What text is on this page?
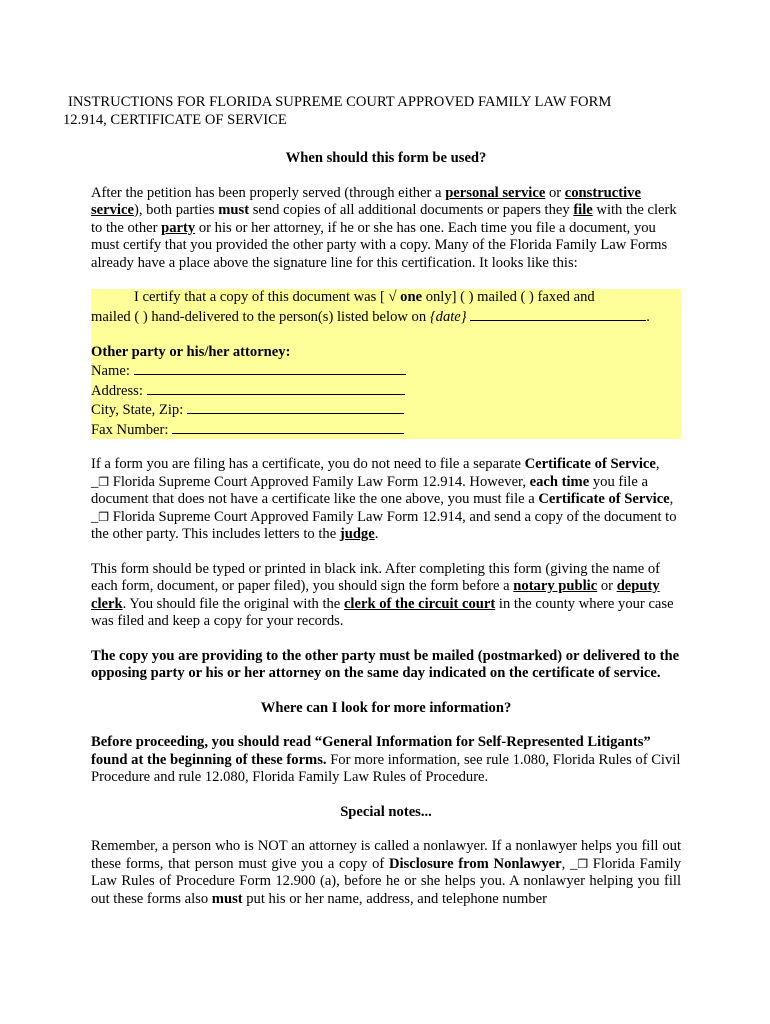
INSTRUCTIONS FOR FLORIDA SUPREME COURT APPROVED FAMILY LAW FORM
12.914, CERTIFICATE OF SERVICE
When should this form be used?

After the petition has been properly served (through either a personal service or constructive service), both parties must send copies of all additional documents or papers they file with the clerk to the other party or his or her attorney, if he or she has one. Each time you file a document, you must certify that you provided the other party with a copy. Many of the Florida Family Law Forms already have a place above the signature line for this certification. It looks like this:

I certify that a copy of this document was [ √ one only] ( ) mailed ( ) faxed and
mailed ( ) hand-delivered to the person(s) listed below on {date}	.
Other party or his/her attorney:
Name:
Address:
City, State, Zip:
Fax Number:

If a form you are filing has a certificate, you do not need to file a separate Certificate of Service, _❐ Florida Supreme Court Approved Family Law Form 12.914. However, each time you file a document that does not have a certificate like the one above, you must file a Certificate of Service, _❐ Florida Supreme Court Approved Family Law Form 12.914, and send a copy of the document to the other party. This includes letters to the judge.

This form should be typed or printed in black ink. After completing this form (giving the name of each form, document, or paper filed), you should sign the form before a notary public or deputy clerk. You should file the original with the clerk of the circuit court in the county where your case was filed and keep a copy for your records.

The copy you are providing to the other party must be mailed (postmarked) or delivered to the opposing party or his or her attorney on the same day indicated on the certificate of service.

Where can I look for more information?

Before proceeding, you should read “General Information for Self-Represented Litigants” found at the beginning of these forms. For more information, see rule 1.080, Florida Rules of Civil Procedure and rule 12.080, Florida Family Law Rules of Procedure.

Special notes...

Remember, a person who is NOT an attorney is called a nonlawyer. If a nonlawyer helps you fill out these forms, that person must give you a copy of Disclosure from Nonlawyer, _❐ Florida Family Law Rules of Procedure Form 12.900 (a), before he or she helps you. A nonlawyer helping you fill out these forms also must put his or her name, address, and telephone number
